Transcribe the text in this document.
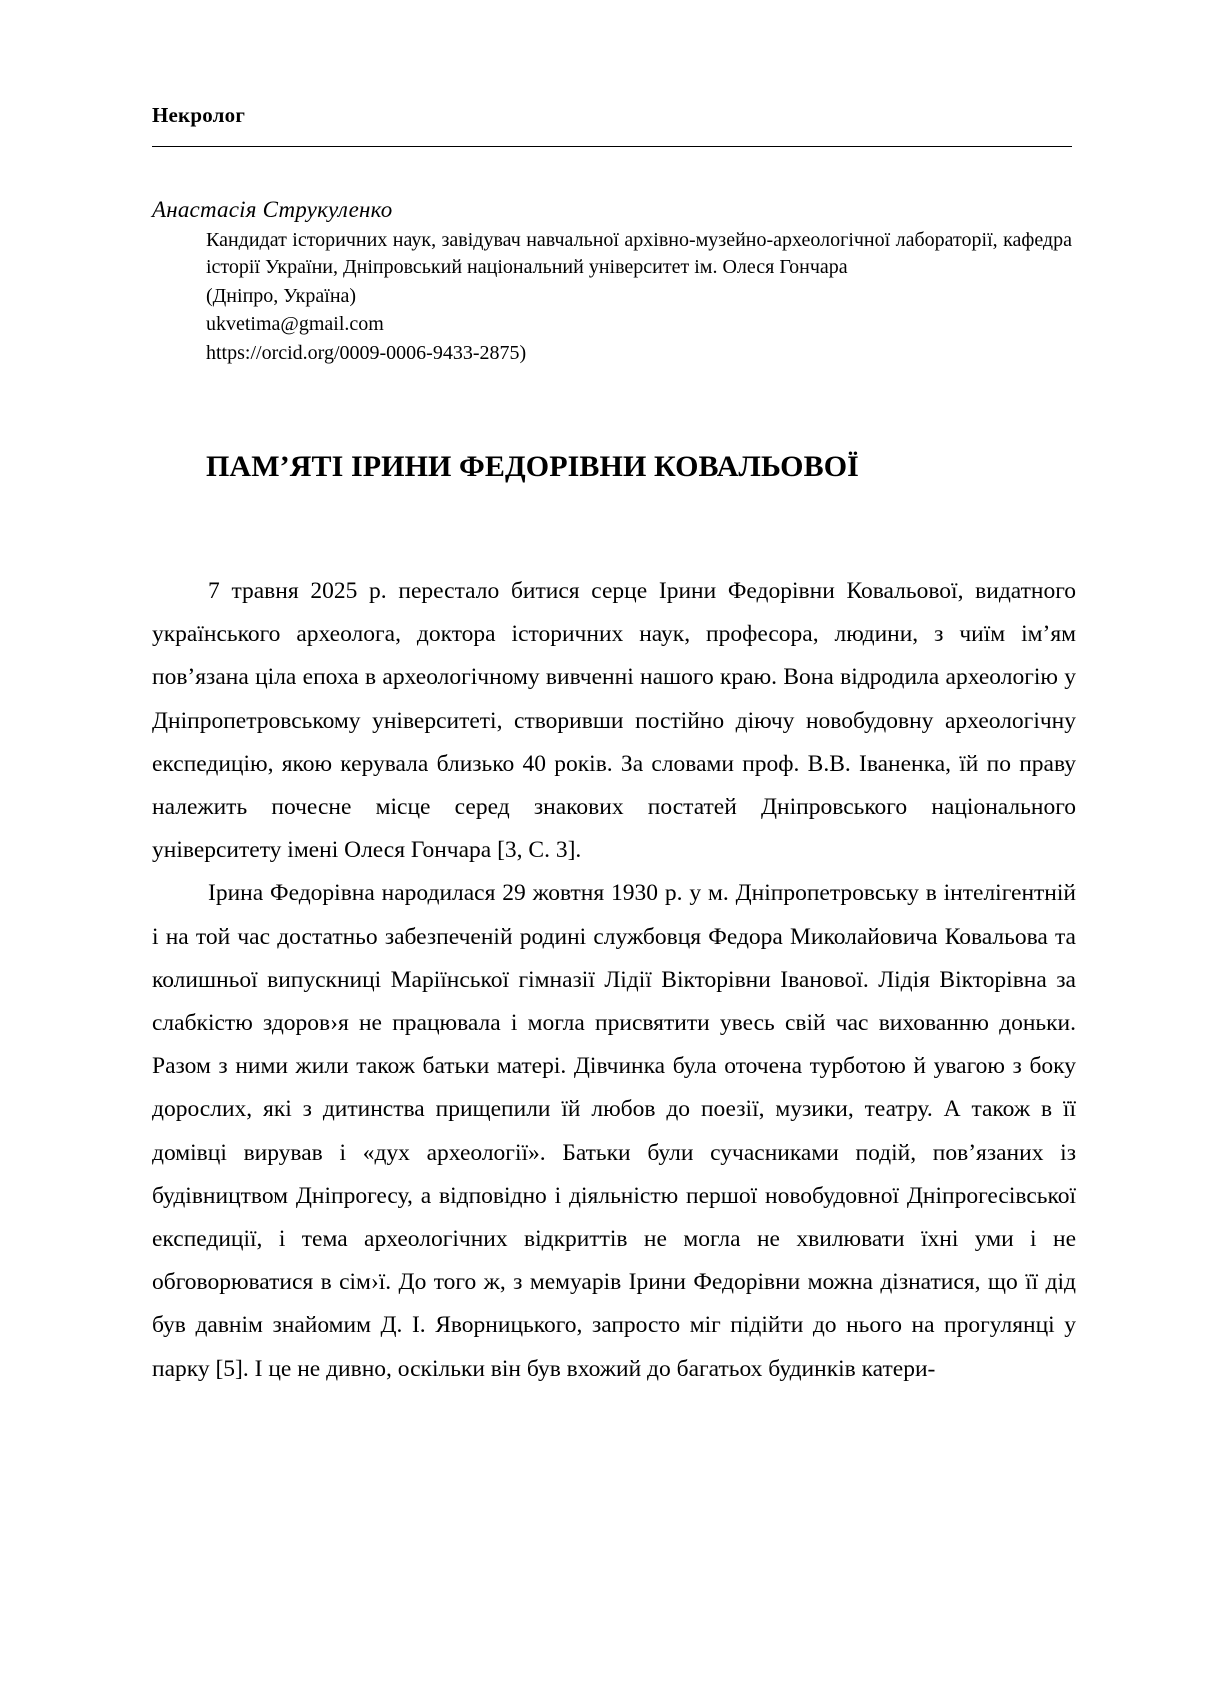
Некролог
Анастасія Струкуленко

Кандидат історичних наук, завідувач навчальної архівно-музейно-археологічної лабораторії, кафедра історії України, Дніпровський національний університет ім. Олеся Гончара

(Дніпро, Україна)

ukvetima@gmail.com

https://orcid.org/0009-0006-9433-2875)

ПАМ’ЯТІ ІРИНИ ФЕДОРІВНИ КОВАЛЬОВОЇ

7 травня 2025 р. перестало битися серце Ірини Федорівни Ковальової, видатного українського археолога, доктора історичних наук, професора, людини, з чиїм ім’ям пов’язана ціла епоха в археологічному вивченні нашого краю. Вона відродила археологію у Дніпропетровському університеті, створивши постійно діючу новобудовну археологічну експедицію, якою керувала близько 40 років. За словами проф. В.В. Іваненка, їй по праву належить почесне місце серед знакових постатей Дніпровського національного університету імені Олеся Гончара [3, С. 3].

Ірина Федорівна народилася 29 жовтня 1930 р. у м. Дніпропетровську в інтелігентній і на той час достатньо забезпеченій родині службовця Федора Миколайовича Ковальова та колишньої випускниці Маріїнської гімназії Лідії Вікторівни Іванової. Лідія Вікторівна за слабкістю здоров›я не працювала і могла присвятити увесь свій час вихованню доньки. Разом з ними жили також батьки матері. Дівчинка була оточена турботою й увагою з боку дорослих, які з дитинства прищепили їй любов до поезії, музики, театру. А також в її домівці вирував і «дух археології». Батьки були сучасниками подій, пов’язаних із будівництвом Дніпрогесу, а відповідно і діяльністю першої новобудовної Дніпрогесівської експедиції, і тема археологічних відкриттів не могла не хвилювати їхні уми і не обговорюватися в сім›ї. До того ж, з мемуарів Ірини Федорівни можна дізнатися, що її дід був давнім знайомим Д. І. Яворницького, запросто міг підійти до нього на прогулянці у парку [5]. І це не дивно, оскільки він був вхожий до багатьох будинків катери-
